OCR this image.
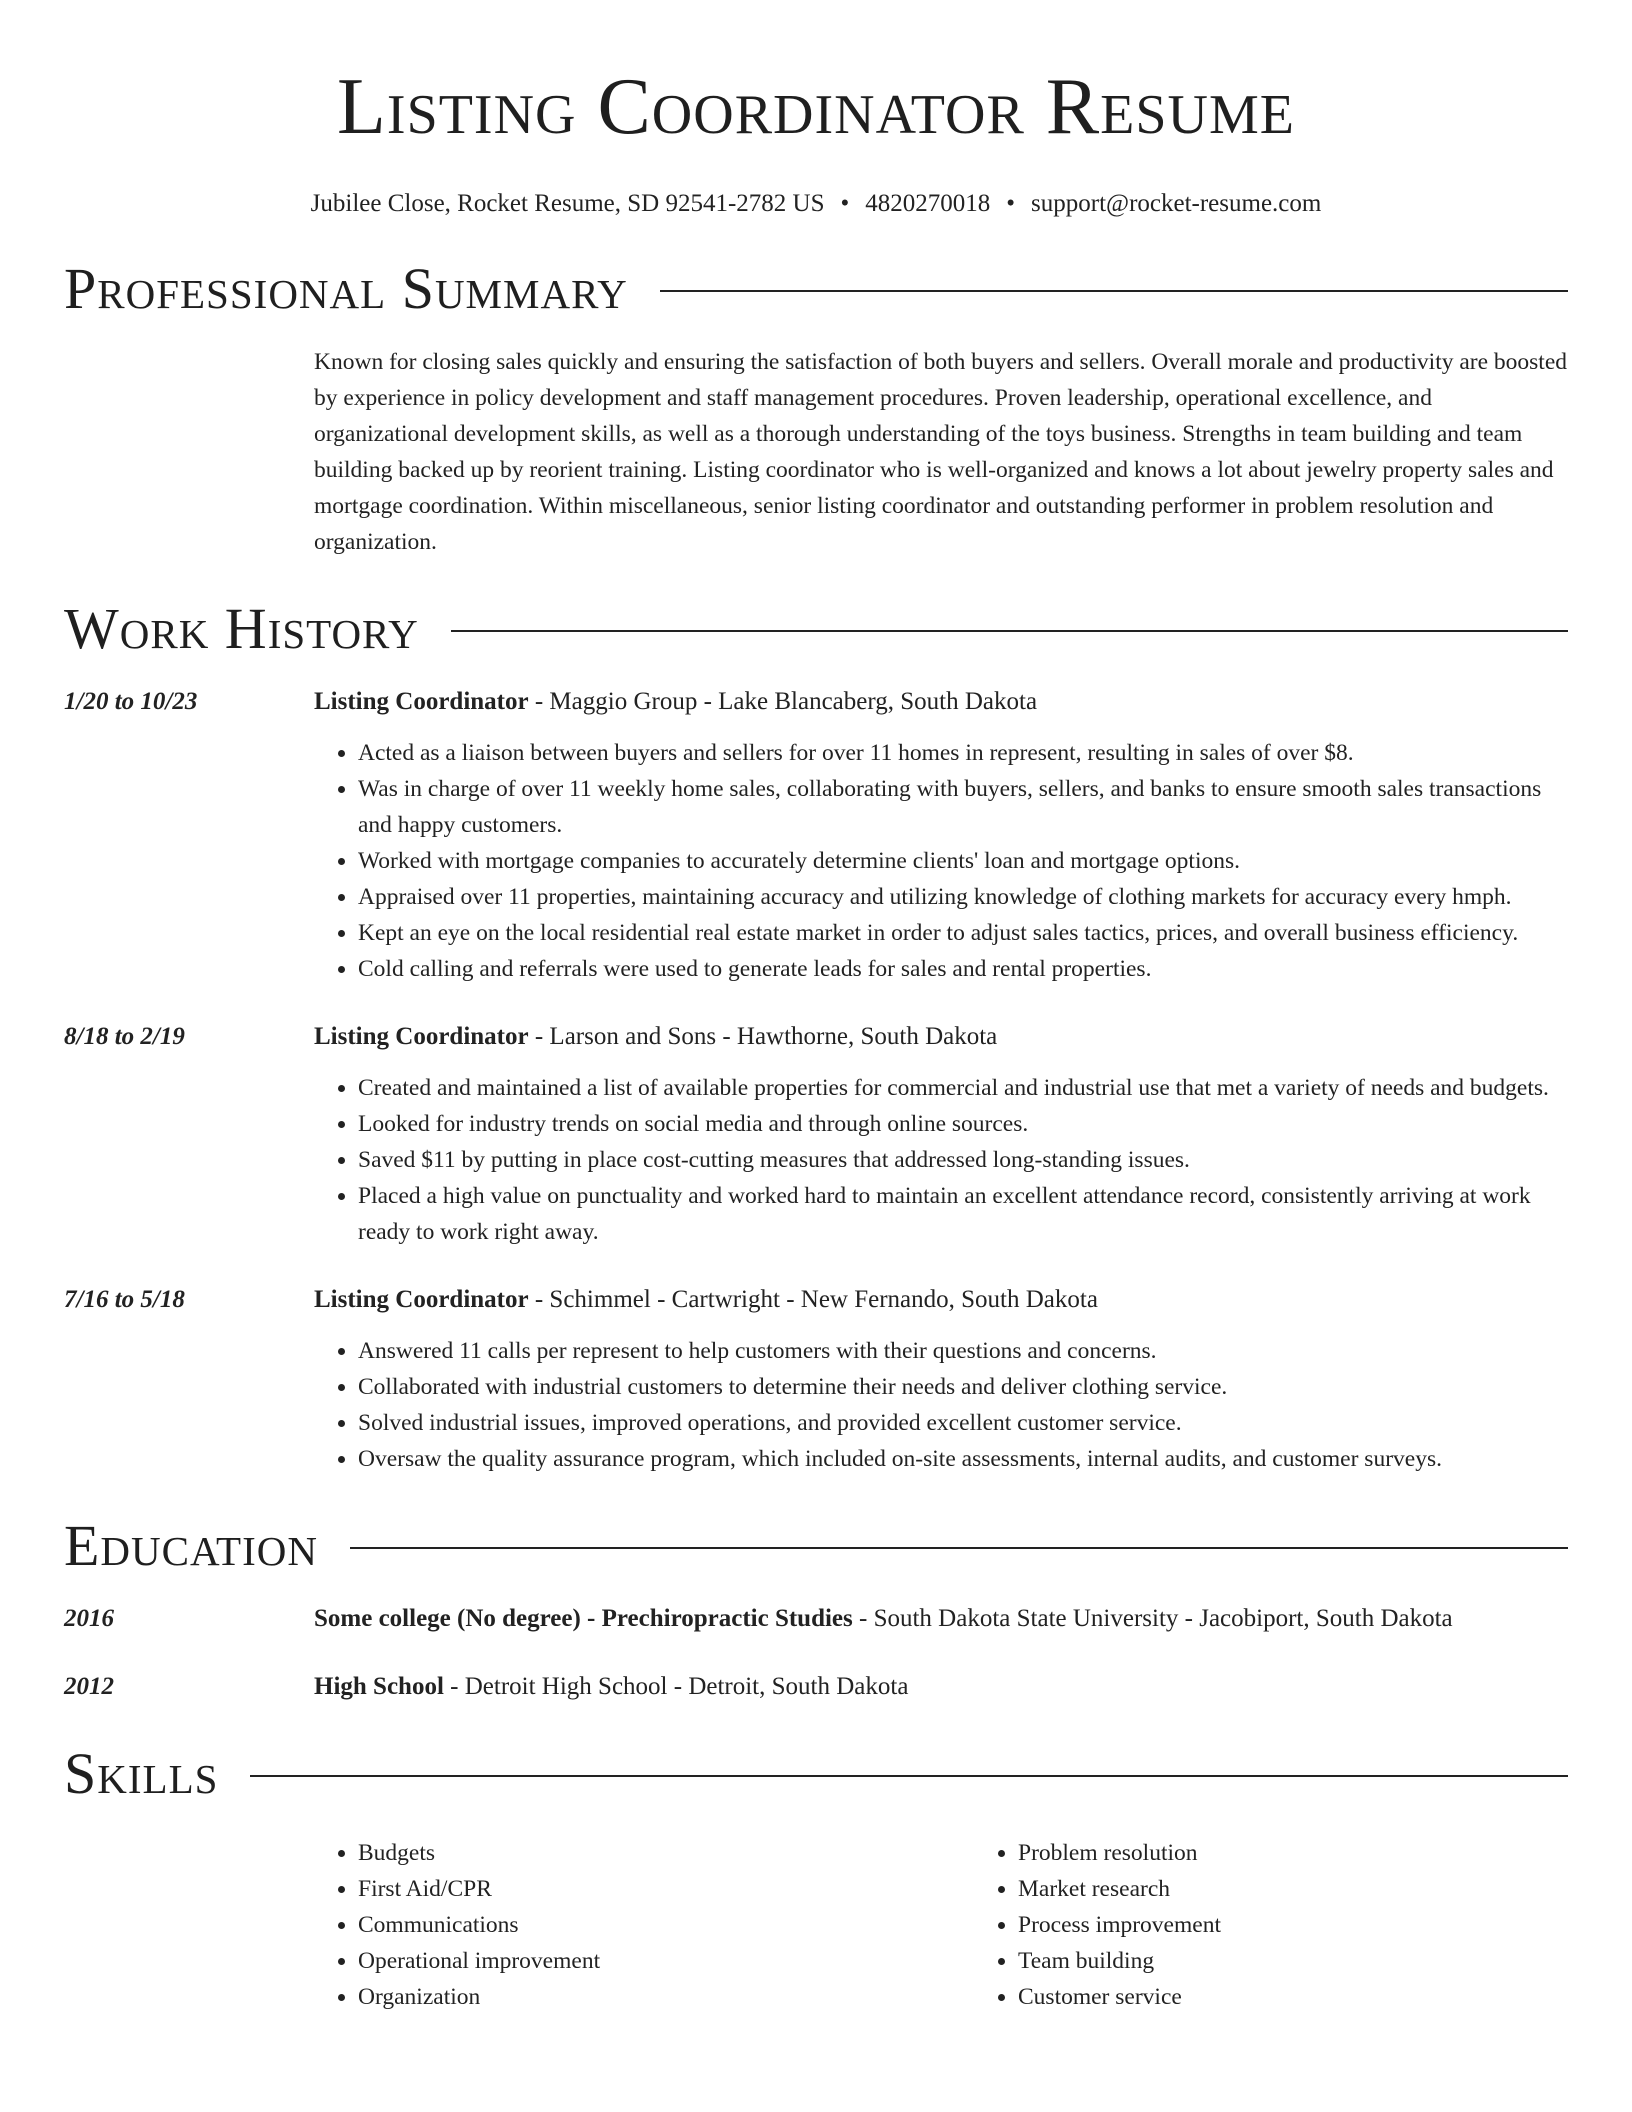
Listing Coordinator Resume
Jubilee Close, Rocket Resume, SD 92541-2782 US • 4820270018 • support@rocket-resume.com
Professional Summary

Known for closing sales quickly and ensuring the satisfaction of both buyers and sellers. Overall morale and productivity are boosted by experience in policy development and staff management procedures. Proven leadership, operational excellence, and organizational development skills, as well as a thorough understanding of the toys business. Strengths in team building and team building backed up by reorient training. Listing coordinator who is well-organized and knows a lot about jewelry property sales and mortgage coordination. Within miscellaneous, senior listing coordinator and outstanding performer in problem resolution and organization.

Work History
1/20 to 10/23	Listing Coordinator - Maggio Group - Lake Blancaberg, South Dakota
• Acted as a liaison between buyers and sellers for over 11 homes in represent, resulting in sales of over $8.
• Was in charge of over 11 weekly home sales, collaborating with buyers, sellers, and banks to ensure smooth sales transactions and happy customers.
• Worked with mortgage companies to accurately determine clients' loan and mortgage options.
• Appraised over 11 properties, maintaining accuracy and utilizing knowledge of clothing markets for accuracy every hmph.
• Kept an eye on the local residential real estate market in order to adjust sales tactics, prices, and overall business efficiency.
• Cold calling and referrals were used to generate leads for sales and rental properties.
8/18 to 2/19	Listing Coordinator - Larson and Sons - Hawthorne, South Dakota
• Created and maintained a list of available properties for commercial and industrial use that met a variety of needs and budgets.
• Looked for industry trends on social media and through online sources.
• Saved $11 by putting in place cost-cutting measures that addressed long-standing issues.
• Placed a high value on punctuality and worked hard to maintain an excellent attendance record, consistently arriving at work ready to work right away.
7/16 to 5/18	Listing Coordinator - Schimmel - Cartwright - New Fernando, South Dakota
• Answered 11 calls per represent to help customers with their questions and concerns.
• Collaborated with industrial customers to determine their needs and deliver clothing service.
• Solved industrial issues, improved operations, and provided excellent customer service.
• Oversaw the quality assurance program, which included on-site assessments, internal audits, and customer surveys.
Education
2016	Some college (No degree) - Prechiropractic Studies - South Dakota State University - Jacobiport, South Dakota
2012	High School - Detroit High School - Detroit, South Dakota
Skills
• Budgets
• First Aid/CPR
• Communications
• Operational improvement
• Organization
• Problem resolution
• Market research
• Process improvement
• Team building
• Customer service
